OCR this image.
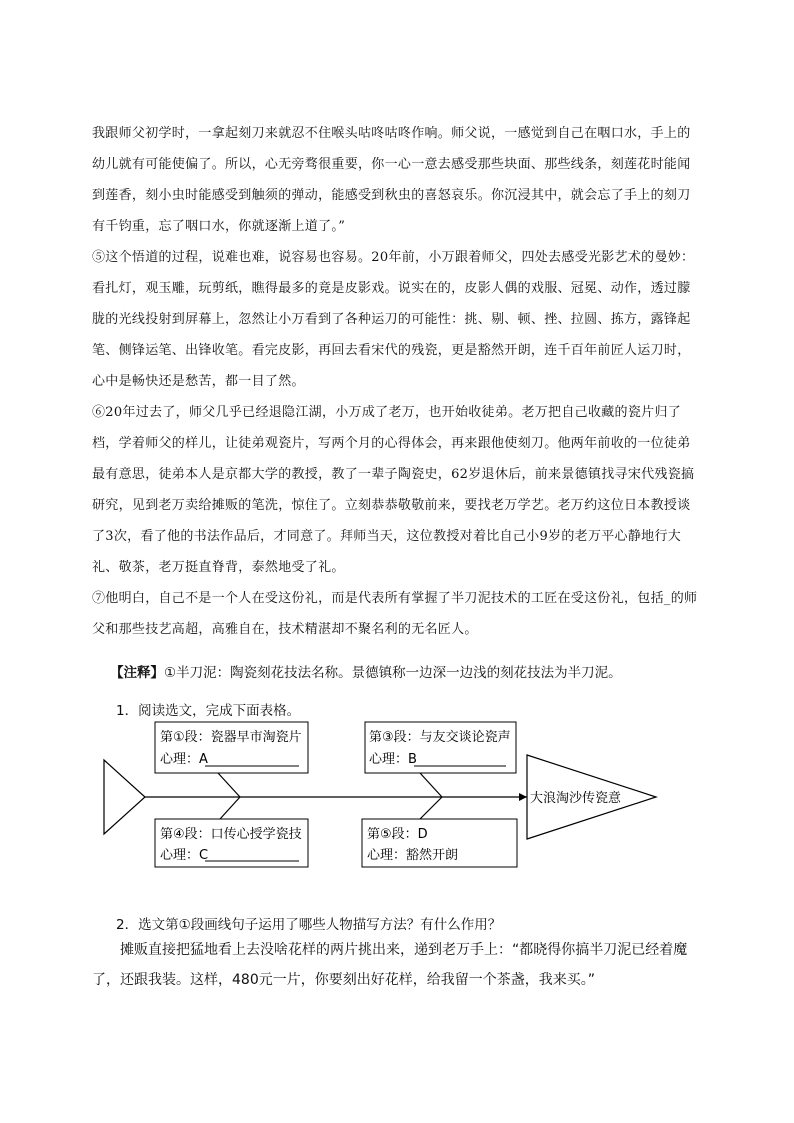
我跟师父初学时，一拿起刻刀来就忍不住喉头咕咚咕咚作响。师父说，一感觉到自己在咽口水，手上的幼儿就有可能使偏了。所以，心无旁骛很重要，你一心一意去感受那些块面、那些线条，刻莲花时能闻到莲香，刻小虫时能感受到触须的弹动，能感受到秋虫的喜怒哀乐。你沉浸其中，就会忘了手上的刻刀有千钧重，忘了咽口水，你就逐渐上道了。”

⑤这个悟道的过程，说难也难，说容易也容易。20年前，小万跟着师父，四处去感受光影艺术的曼妙：看扎灯，观玉雕，玩剪纸，瞧得最多的竟是皮影戏。说实在的，皮影人偶的戏服、冠冕、动作，透过朦胧的光线投射到屏幕上，忽然让小万看到了各种运刀的可能性：挑、剔、顿、挫、拉圆、拣方，露锋起笔、侧锋运笔、出锋收笔。看完皮影，再回去看宋代的残瓷，更是豁然开朗，连千百年前匠人运刀时，心中是畅快还是愁苦，都一目了然。

⑥20年过去了，师父几乎已经退隐江湖，小万成了老万，也开始收徒弟。老万把自己收藏的瓷片归了档，学着师父的样儿，让徒弟观瓷片，写两个月的心得体会，再来跟他使刻刀。他两年前收的一位徒弟最有意思，徒弟本人是京都大学的教授，教了一辈子陶瓷史，62岁退休后，前来景德镇找寻宋代残瓷搞研究，见到老万卖给摊贩的笔洗，惊住了。立刻恭恭敬敬前来，要找老万学艺。老万约这位日本教授谈了3次，看了他的书法作品后，才同意了。拜师当天，这位教授对着比自己小9岁的老万平心静地行大礼、敬茶，老万挺直脊背，泰然地受了礼。

⑦他明白，自己不是一个人在受这份礼，而是代表所有掌握了半刀泥技术的工匠在受这份礼，包括_的师父和那些技艺高超，高雅自在，技术精湛却不聚名利的无名匠人。

【注释】①半刀泥：陶瓷刻花技法名称。景德镇称一边深一边浅的刻花技法为半刀泥。
1．阅读选文，完成下面表格。
大浪淘沙传瓷意
第①段：瓷器早市淘瓷片
心理：A
第③段：与友交谈论瓷声
心理：B
第④段：口传心授学瓷技
心理：C
第⑤段：D
心理：豁然开朗
2．选文第①段画线句子运用了哪些人物描写方法？有什么作用？
摊贩直接把猛地看上去没啥花样的两片挑出来，递到老万手上：“都晓得你搞半刀泥已经着魔了，还跟我装。这样，480元一片，你要刻出好花样，给我留一个茶盏，我来买。”
